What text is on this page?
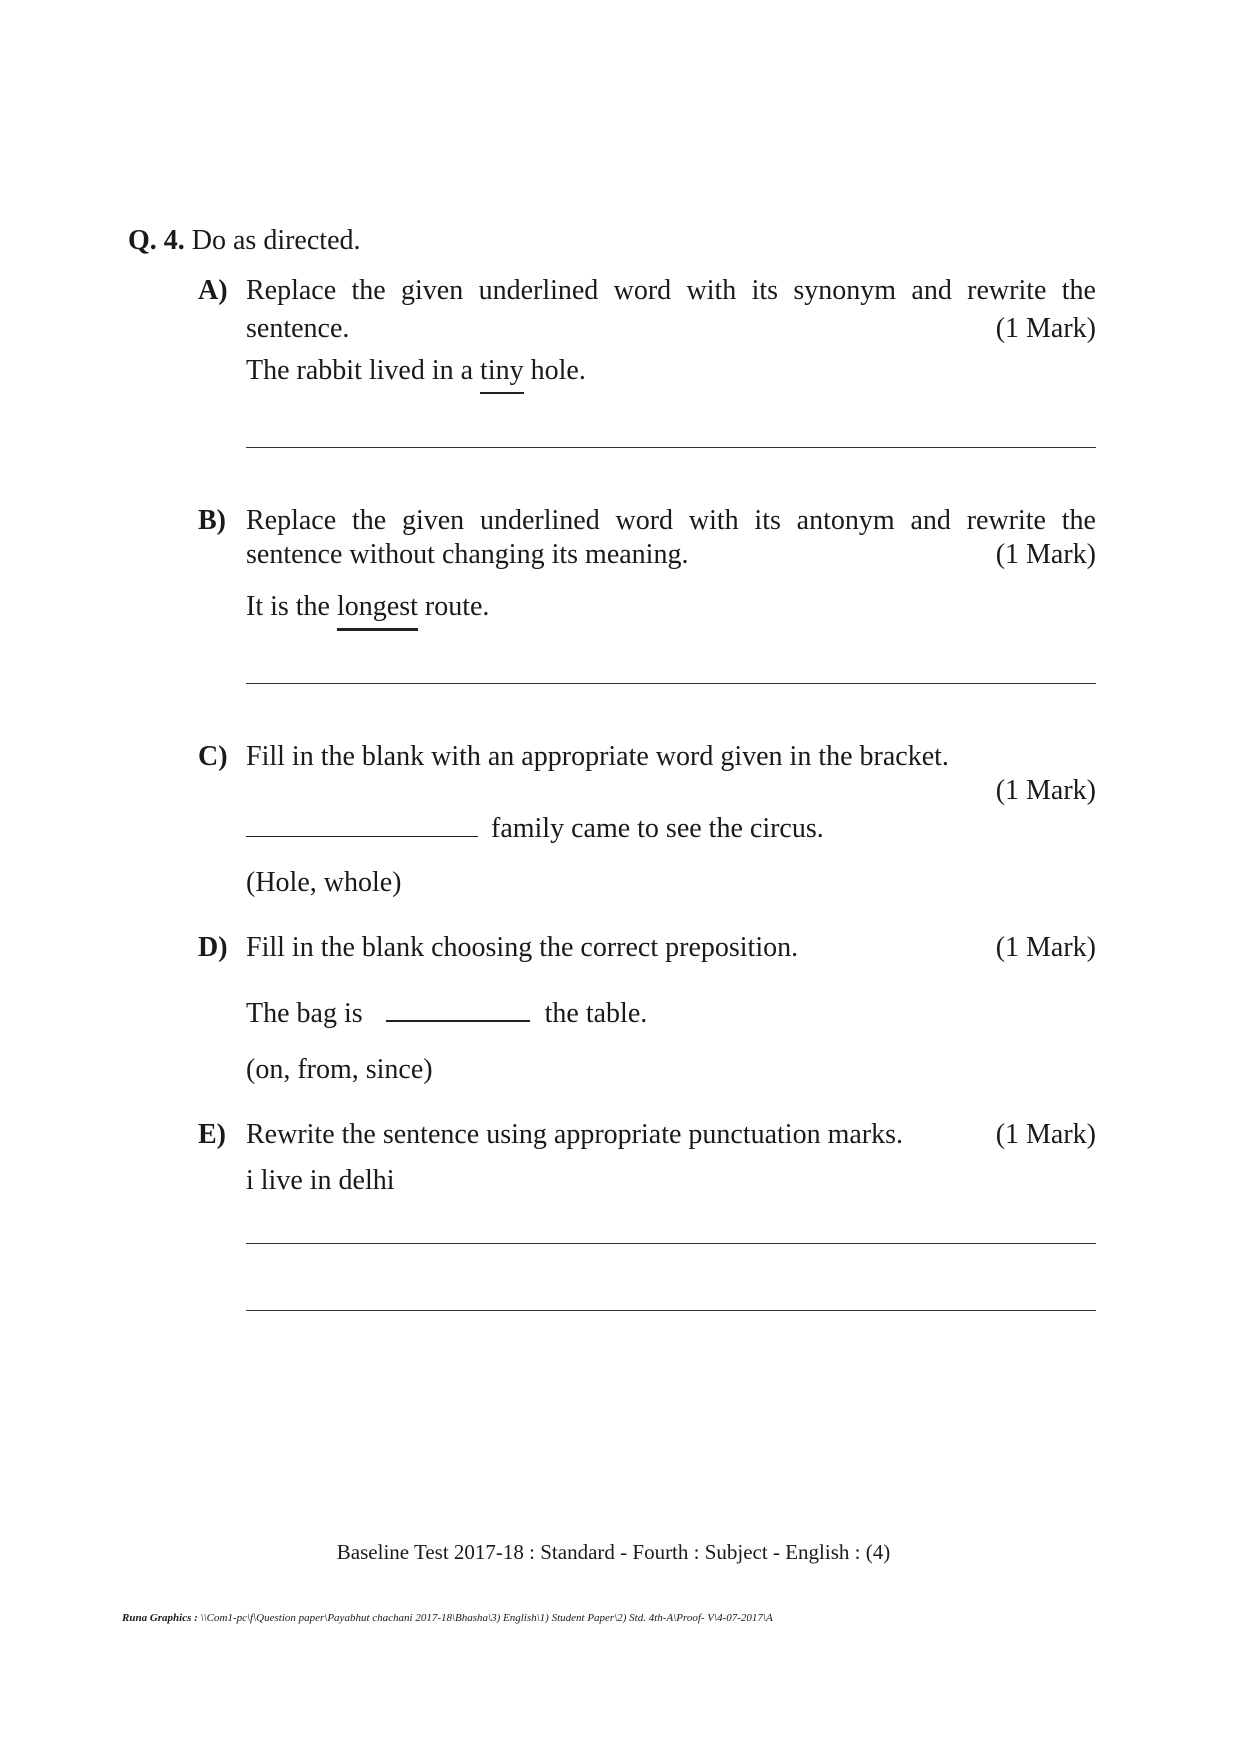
Q. 4. Do as directed.
A) Replace the given underlined word with its synonym and rewrite the
sentence.	(1 Mark)
The rabbit lived in a tiny hole.
B) Replace the given underlined word with its antonym and rewrite the
sentence without changing its meaning.	(1 Mark)
It is the longest route.
C) Fill in the blank with an appropriate word given in the bracket.
(1 Mark)
family came to see the circus.
(Hole, whole)
D) Fill in the blank choosing the correct preposition.	(1 Mark)
The bag is	the table.
(on, from, since)
E) Rewrite the sentence using appropriate punctuation marks.	(1 Mark)
i live in delhi
Baseline Test 2017-18 : Standard - Fourth : Subject - English : (4)
Runa Graphics : \\Com1-pc\f\Question paper\Payabhut chachani 2017-18\Bhasha\3) English\1) Student Paper\2) Std. 4th-A\Proof- V\4-07-2017\A
